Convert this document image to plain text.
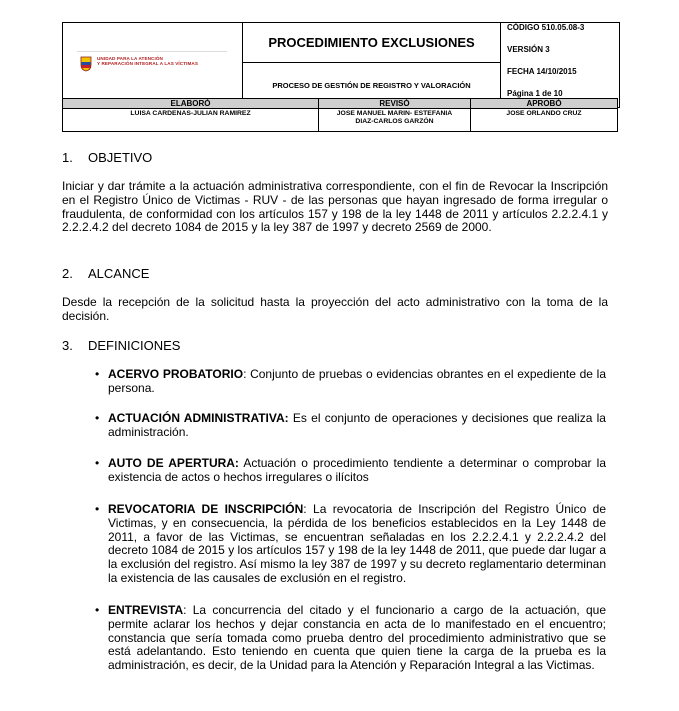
UNIDAD PARA LA ATENCIÓN
Y REPARACIÓN INTEGRAL A LAS VÍCTIMAS
PROCEDIMIENTO EXCLUSIONES
PROCESO DE GESTIÓN DE REGISTRO Y VALORACIÓN
CÓDIGO 510.05.08-3
VERSIÓN 3
FECHA 14/10/2015
Página 1 de 10
ELABORÓ
LUISA CARDENAS-JULIAN RAMIREZ
REVISÓ
JOSE MANUEL MARIN- ESTEFANIA
DIAZ-CARLOS GARZÓN
APROBÓ
JOSE ORLANDO CRUZ
1. OBJETIVO
Iniciar y dar trámite a la actuación administrativa correspondiente, con el fin de Revocar la Inscripción en el Registro Único de Victimas - RUV - de las personas que hayan ingresado de forma irregular o fraudulenta, de conformidad con los artículos 157 y 198 de la ley 1448 de 2011 y artículos 2.2.2.4.1 y 2.2.2.4.2 del decreto 1084 de 2015 y la ley 387 de 1997 y decreto 2569 de 2000.
2. ALCANCE
Desde la recepción de la solicitud hasta la proyección del acto administrativo con la toma de la decisión.
3. DEFINICIONES
• ACERVO PROBATORIO: Conjunto de pruebas o evidencias obrantes en el expediente de la persona.
• ACTUACIÓN ADMINISTRATIVA: Es el conjunto de operaciones y decisiones que realiza la administración.
• AUTO DE APERTURA: Actuación o procedimiento tendiente a determinar o comprobar la existencia de actos o hechos irregulares o ilícitos
• REVOCATORIA DE INSCRIPCIÓN: La revocatoria de Inscripción del Registro Único de Victimas, y en consecuencia, la pérdida de los beneficios establecidos en la Ley 1448 de 2011, a favor de las Victimas, se encuentran señaladas en los 2.2.2.4.1 y 2.2.2.4.2 del decreto 1084 de 2015 y los artículos 157 y 198 de la ley 1448 de 2011, que puede dar lugar a la exclusión del registro. Así mismo la ley 387 de 1997 y su decreto reglamentario determinan la existencia de las causales de exclusión en el registro.
• ENTREVISTA: La concurrencia del citado y el funcionario a cargo de la actuación, que permite aclarar los hechos y dejar constancia en acta de lo manifestado en el encuentro; constancia que sería tomada como prueba dentro del procedimiento administrativo que se está adelantando. Esto teniendo en cuenta que quien tiene la carga de la prueba es la administración, es decir, de la Unidad para la Atención y Reparación Integral a las Victimas.
